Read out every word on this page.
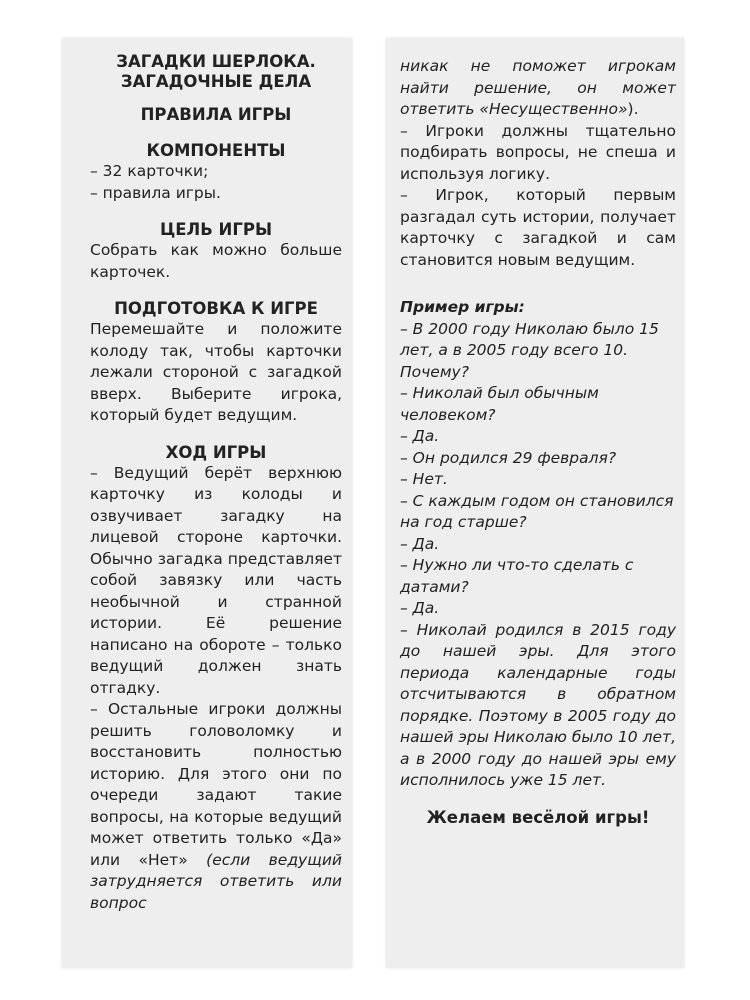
ЗАГАДКИ ШЕРЛОКА.
ЗАГАДОЧНЫЕ ДЕЛА
ПРАВИЛА ИГРЫ
КОМПОНЕНТЫ
– 32 карточки;
– правила игры.
ЦЕЛЬ ИГРЫ

Собрать как можно больше карточек.

ПОДГОТОВКА К ИГРЕ

Перемешайте и положите колоду так, чтобы карточки лежали стороной с загадкой вверх. Выберите игрока, который будет ведущим.

ХОД ИГРЫ

– Ведущий берёт верхнюю карточку из колоды и озвучивает загадку на лицевой стороне карточки. Обычно загадка представляет собой завязку или часть необычной и странной истории. Её решение написано на обороте – только ведущий должен знать отгадку.

– Остальные игроки должны решить головоломку и восстановить полностью историю. Для этого они по очереди задают такие вопросы, на которые ведущий может ответить только «Да» или «Нет» (если ведущий затрудняется ответить или вопрос

никак не поможет игрокам найти решение, он может ответить «Несущественно»).

– Игроки должны тщательно подбирать вопросы, не спеша и используя логику.

– Игрок, который первым разгадал суть истории, получает карточку с загадкой и сам становится новым ведущим.

Пример игры:
– В 2000 году Николаю было 15 лет, а в 2005 году всего 10. Почему?
– Николай был обычным человеком?
– Да.
– Он родился 29 февраля?
– Нет.
– С каждым годом он становился на год старше?
– Да.
– Нужно ли что-то сделать с датами?
– Да.
– Николай родился в 2015 году до нашей эры. Для этого периода календарные годы отсчитываются в обратном порядке. Поэтому в 2005 году до нашей эры Николаю было 10 лет, а в 2000 году до нашей эры ему исполнилось уже 15 лет.
Желаем весёлой игры!
